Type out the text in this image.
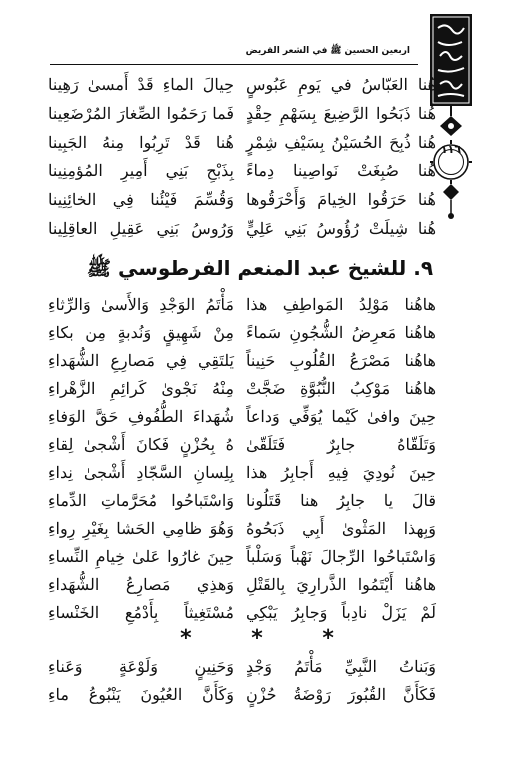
١١٦
اربعين الحسين ﷺ في الشعر القريض
هُنا العَبّاسُ في يَومِ عَبُوسٍ
حِيالَ الماءِ قَدْ أَمسىٰ رَهِينا
هُنا ذَبَحُوا الرَّضِيعَ بِسَهْمِ حِقْدٍ
فَما رَحَمُوا الصِّغارَ المُرْضَعِينا
هُنا ذُبِحَ الحُسَيْنُ بِسَيْفِ شِمْرٍ
هُنا قَدْ تَرِبُوا مِنهُ الجَبِينا
هُنا صُبِغَتْ نَواصِينا دِماءً
بِذَبْحِ بَنِي أَمِيرِ المُؤمِنِينا
هُنا حَرَقُوا الخِيامَ وَأَحْرَقُوها
وَقُسِّمَ فَيْئُنا فِي الخائِنِينا
هُنا شِيلَتْ رُؤُوسُ بَنِي عَلِيٍّ
وَرُوسُ بَنِي عَقِيلِ العاقِلِينا
٩. للشيخ عبد المنعم الفرطوسي ﷺ
هاهُنا مَوْلِدُ المَواطِفِ هذا
مَأْتَمُ الوَجْدِ وَالأَسىٰ وَالرِّثاءِ
هاهُنا مَعرِضُ الشُّجُونِ سَماءً
مِنْ شَهِيقٍ وَنُدبةٍ مِن بكاءِ
هاهُنا مَصْرَعُ القُلُوبِ حَنِيناً
يَلتَقِي فِي مَصارِعِ الشُّهَداءِ
هاهُنا مَوْكِبُ النُّبُوَّةِ ضَجَّتْ
مِنْهُ نَجْوىٰ كَرائِمِ الزَّهْراءِ
حِينَ وافىٰ كَيْما يُوَفِّي وَداعاً
شُهَداءَ الطُّفُوفِ حَقَّ الوَفاءِ
وَتَلَقّاهُ جابِرٌ فَتَلَقّىٰ
هُ بِحُزْنٍ فَكانَ أَشْجىٰ لِقاءِ
حِينَ نُودِيَ فِيهِ أَجابِرُ هذا
بِلِسانِ السَّجّادِ أَشْجىٰ نِداءِ
قالَ يا جابِرُ هنا قَتَلُونا
وَاسْتَباحُوا مُحَرَّماتِ الدِّماءِ
وَبِهذا المَثْوىٰ أَبِي ذَبَحُوهُ
وَهُوَ ظامِي الحَشا بِغَيْرِ رِواءِ
وَاسْتَباحُوا الرِّجالَ نَهْباً وَسَلْباً
حِينَ غارُوا عَلىٰ خِيامِ النِّساءِ
هاهُنا أَيْتَمُوا الذَّرارِيَ بِالقَتْلِ
وَهذِي مَصارِعُ الشُّهَداءِ
لَمْ يَزَلْ نادِباً وَجابِرُ يَبْكِي
مُسْتَغِيثاً بِأَدْمُعِ الخَنْساءِ
* * *
وَبَناتُ النَّبِيِّ مَأْتَمُ وَجْدٍ
وَحَنِينٍ وَلَوْعَةٍ وَعَناءِ
فَكَأَنَّ القُبُورَ رَوْضَةُ حُزْنٍ
وَكَأَنَّ العُيُونَ يَنْبُوعُ ماءِ
